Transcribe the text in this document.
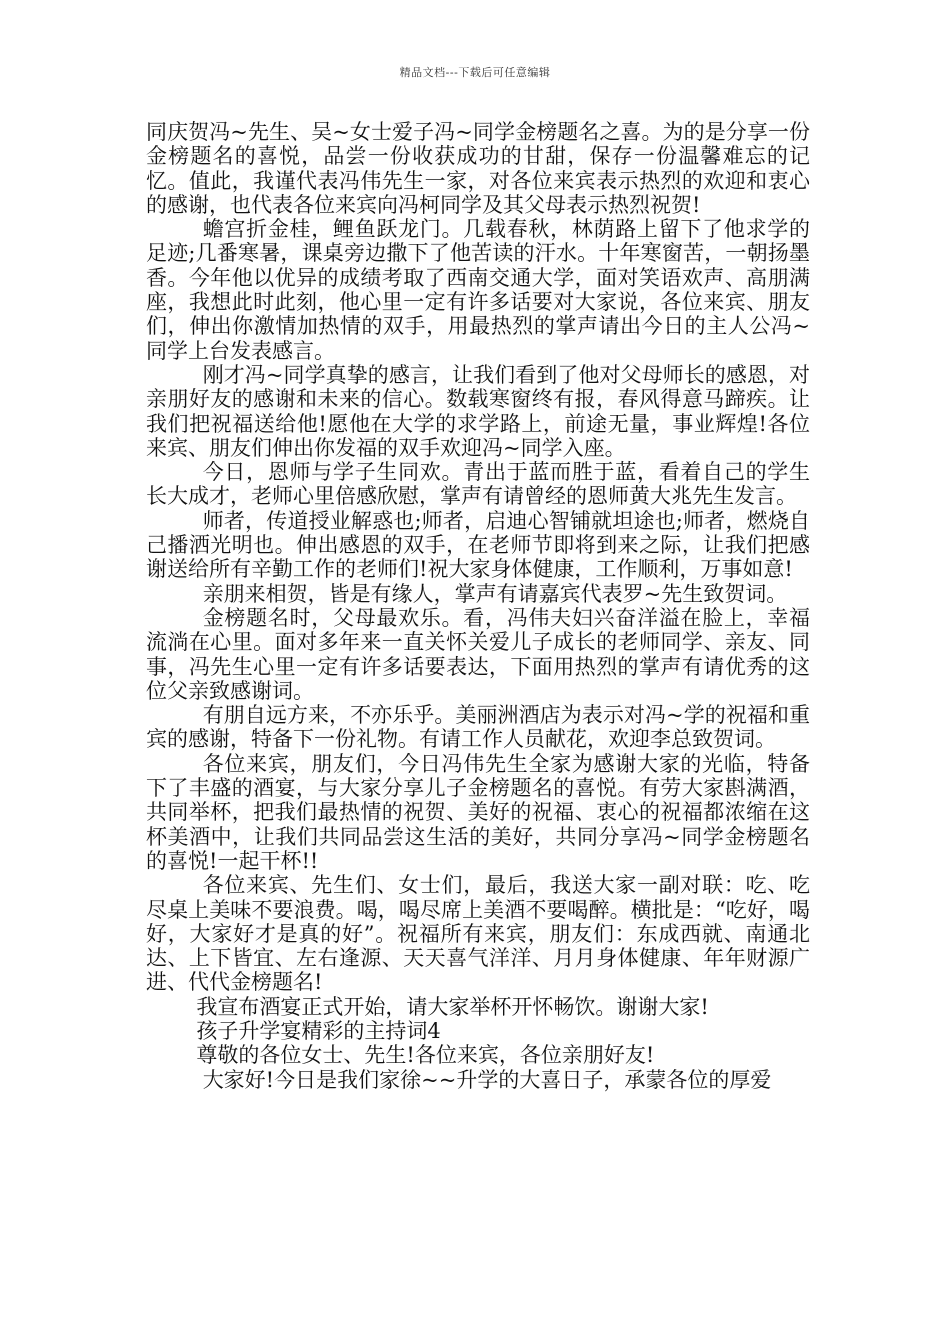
精品文档---下载后可任意编辑

同庆贺冯~先生、吴~女士爱子冯~同学金榜题名之喜。为的是分享一份金榜题名的喜悦，品尝一份收获成功的甘甜，保存一份温馨难忘的记忆。值此，我谨代表冯伟先生一家，对各位来宾表示热烈的欢迎和衷心的感谢，也代表各位来宾向冯柯同学及其父母表示热烈祝贺!

蟾宫折金桂，鲤鱼跃龙门。几载春秋，林荫路上留下了他求学的足迹;几番寒暑，课桌旁边撒下了他苦读的汗水。十年寒窗苦，一朝扬墨香。今年他以优异的成绩考取了西南交通大学，面对笑语欢声、高朋满座，我想此时此刻，他心里一定有许多话要对大家说，各位来宾、朋友们，伸出你激情加热情的双手，用最热烈的掌声请出今日的主人公冯~同学上台发表感言。

刚才冯~同学真挚的感言，让我们看到了他对父母师长的感恩，对亲朋好友的感谢和未来的信心。数载寒窗终有报，春风得意马蹄疾。让我们把祝福送给他!愿他在大学的求学路上，前途无量，事业辉煌!各位来宾、朋友们伸出你发福的双手欢迎冯~同学入座。

今日，恩师与学子生同欢。青出于蓝而胜于蓝，看着自己的学生长大成才，老师心里倍感欣慰，掌声有请曾经的恩师黄大兆先生发言。

师者，传道授业解惑也;师者，启迪心智铺就坦途也;师者，燃烧自己播洒光明也。伸出感恩的双手，在老师节即将到来之际，让我们把感谢送给所有辛勤工作的老师们!祝大家身体健康，工作顺利，万事如意!

亲朋来相贺，皆是有缘人，掌声有请嘉宾代表罗~先生致贺词。

金榜题名时，父母最欢乐。看，冯伟夫妇兴奋洋溢在脸上，幸福流淌在心里。面对多年来一直关怀关爱儿子成长的老师同学、亲友、同事，冯先生心里一定有许多话要表达，下面用热烈的掌声有请优秀的这位父亲致感谢词。

有朋自远方来，不亦乐乎。美丽洲酒店为表示对冯~学的祝福和重宾的感谢，特备下一份礼物。有请工作人员献花，欢迎李总致贺词。

各位来宾，朋友们，今日冯伟先生全家为感谢大家的光临，特备下了丰盛的酒宴，与大家分享儿子金榜题名的喜悦。有劳大家斟满酒，共同举杯，把我们最热情的祝贺、美好的祝福、衷心的祝福都浓缩在这杯美酒中，让我们共同品尝这生活的美好，共同分享冯~同学金榜题名的喜悦!一起干杯!!

各位来宾、先生们、女士们，最后，我送大家一副对联：吃、吃尽桌上美味不要浪费。喝，喝尽席上美酒不要喝醉。横批是：“吃好，喝好，大家好才是真的好”。祝福所有来宾，朋友们：东成西就、南通北达、上下皆宜、左右逢源、天天喜气洋洋、月月身体健康、年年财源广进、代代金榜题名!

我宣布酒宴正式开始，请大家举杯开怀畅饮。谢谢大家!

孩子升学宴精彩的主持词4

尊敬的各位女士、先生!各位来宾，各位亲朋好友!

大家好!今日是我们家徐~~升学的大喜日子，承蒙各位的厚爱
